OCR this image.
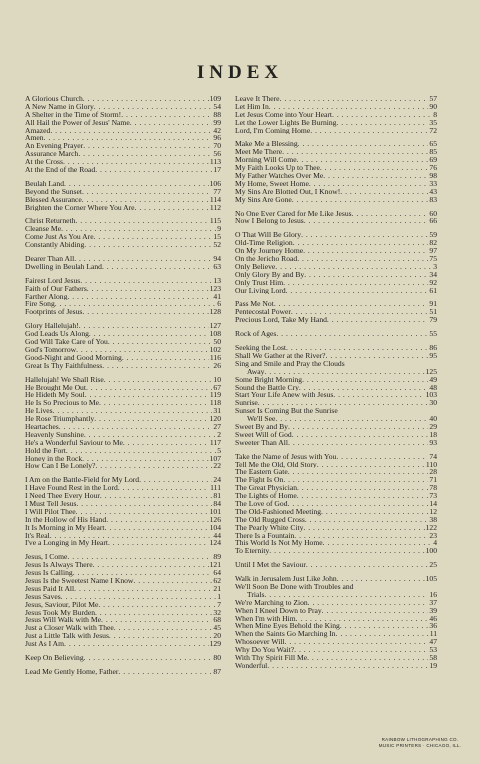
INDEX
A Glorious Church . . .	109
A New Name in Glory . . .	54
A Shelter in the Time of Storm! . . .	88
All Hail the Power of Jesus' Name . . .	99
Amazed . . .	42
Amen . . .	96
An Evening Prayer . . .	70
Assurance March . . .	56
At the Cross . . .	113
At the End of the Road . . .	17
Beulah Land . . .	106
Beyond the Sunset . . .	77
Blessed Assurance . . .	114
Brighten the Corner Where You Are . . .	112
Christ Returneth . . .	115
Cleanse Me . . .	9
Come Just As You Are . . .	15
Constantly Abiding . . .	52
Dearer Than All . . .	94
Dwelling in Beulah Land . . .	63
Fairest Lord Jesus . . .	13
Faith of Our Fathers . . .	123
Farther Along . . .	41
Fire Song . . .	6
Footprints of Jesus . . .	128
Glory Hallelujah! . . .	127
God Leads Us Along . . .	108
God Will Take Care of You . . .	50
God's Tomorrow . . .	102
Good-Night and Good Morning . . .	116
Great Is Thy Faithfulness . . .	26
Hallelujah! We Shall Rise . . .	10
He Brought Me Out . . .	67
He Hideth My Soul . . .	119
He Is So Precious to Me . . .	118
He Lives . . .	31
He Rose Triumphantly . . .	120
Heartaches . . .	27
Heavenly Sunshine . . .	2
He's a Wonderful Saviour to Me . . .	117
Hold the Fort . . .	5
Honey in the Rock . . .	107
How Can I Be Lonely? . . .	22
I Am on the Battle-Field for My Lord . . .	24
I Have Found Rest in the Lord . . .	111
I Need Thee Every Hour . . .	81
I Must Tell Jesus . . .	84
I Will Pilot Thee . . .	101
In the Hollow of His Hand . . .	126
It Is Morning in My Heart . . .	104
It's Real . . .	44
I've a Longing in My Heart . . .	124
Jesus, I Come . . .	89
Jesus Is Always There . . .	121
Jesus Is Calling . . .	64
Jesus Is the Sweetest Name I Know . . .	62
Jesus Paid It All . . .	21
Jesus Saves . . .	1
Jesus, Saviour, Pilot Me . . .	7
Jesus Took My Burden . . .	32
Jesus Will Walk with Me . . .	68
Just a Closer Walk with Thee . . .	45
Just a Little Talk with Jesus . . .	20
Just As I Am . . .	129
Keep On Believing . . .	80
Lead Me Gently Home, Father . . .	87
Leave It There . . .	57
Let Him In . . .	90
Let Jesus Come into Your Heart . . .	8
Let the Lower Lights Be Burning . . .	35
Lord, I'm Coming Home . . .	72
Make Me a Blessing . . .	65
Meet Me There . . .	85
Morning Will Come . . .	69
My Faith Looks Up to Thee . . .	76
My Father Watches Over Me . . .	98
My Home, Sweet Home . . .	33
My Sins Are Blotted Out, I Know! . . .	43
My Sins Are Gone . . .	83
No One Ever Cared for Me Like Jesus . . .	60
Now I Belong to Jesus . . .	66
O That Will Be Glory . . .	59
Old-Time Religion . . .	82
On My Journey Home . . .	97
On the Jericho Road . . .	75
Only Believe . . .	3
Only Glory By and By . . .	34
Only Trust Him . . .	92
Our Living Lord . . .	61
Pass Me Not . . .	91
Pentecostal Power . . .	51
Precious Lord, Take My Hand . . .	79
Rock of Ages . . .	55
Seeking the Lost . . .	86
Shall We Gather at the River? . . .	95
Sing and Smile and Pray the Clouds
Away . . .	125
Some Bright Morning . . .	49
Sound the Battle Cry . . .	48
Start Your Life Anew with Jesus . . .	103
Sunrise . . .	30
Sunset Is Coming But the Sunrise
We'll See . . .	40
Sweet By and By . . .	29
Sweet Will of God . . .	18
Sweeter Than All . . .	93
Take the Name of Jesus with You . . .	74
Tell Me the Old, Old Story . . .	110
The Eastern Gate . . .	28
The Fight Is On . . .	71
The Great Physician . . .	78
The Lights of Home . . .	73
The Love of God . . .	14
The Old-Fashioned Meeting . . .	12
The Old Rugged Cross . . .	38
The Pearly White City . . .	122
There Is a Fountain . . .	23
This World Is Not My Home . . .	4
To Eternity . . .	100
Until I Met the Saviour . . .	25
Walk in Jerusalem Just Like John . . .	105
We'll Soon Be Done with Troubles and
Trials . . .	16
We're Marching to Zion . . .	37
When I Kneel Down to Pray . . .	39
When I'm with Him . . .	46
When Mine Eyes Behold the King . . .	36
When the Saints Go Marching In . . .	11
Whosoever Will . . .	47
Why Do You Wait? . . .	53
With Thy Spirit Fill Me . . .	58
Wonderful . . .	19
RAINBOW LITHOGRAPHING CO.
MUSIC PRINTERS · CHICAGO, ILL.
